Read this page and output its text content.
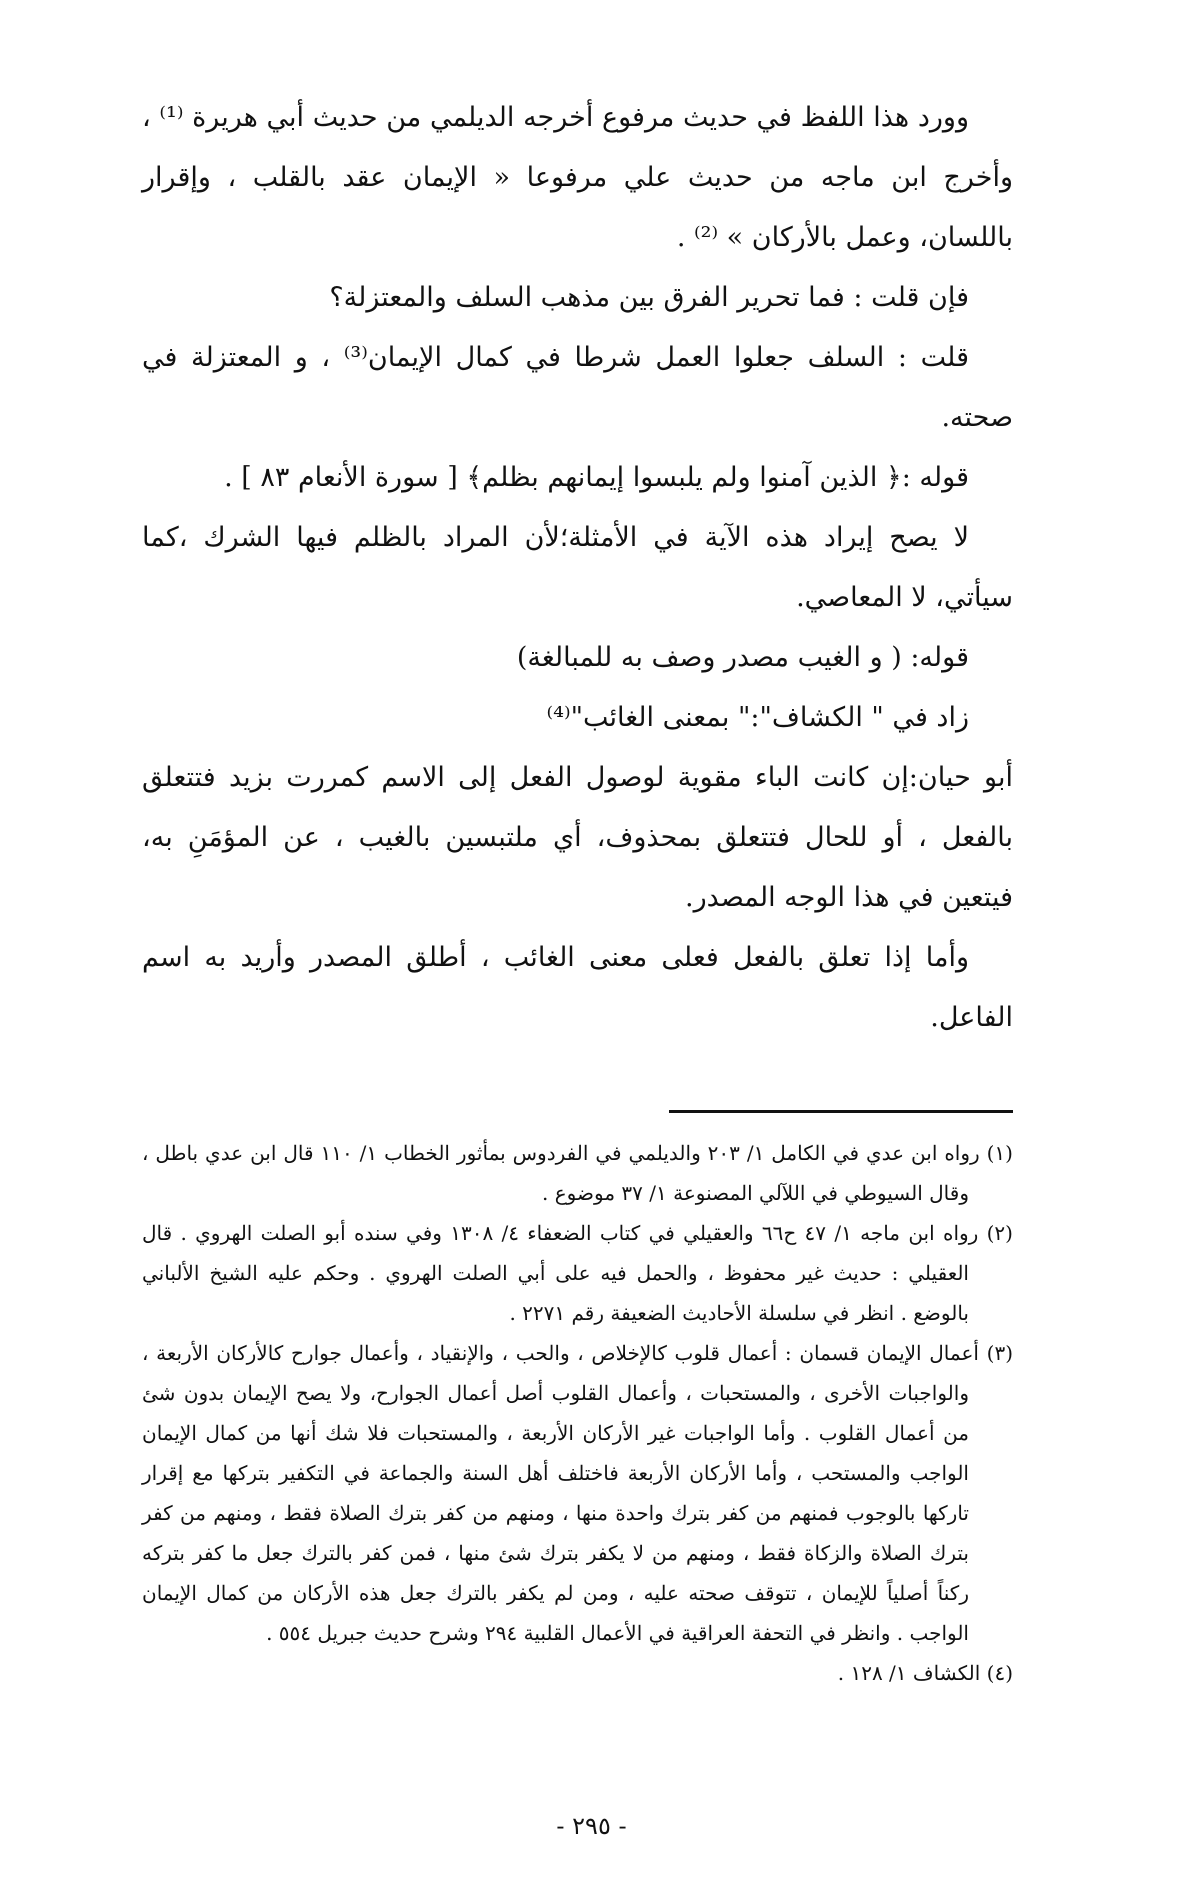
وورد هذا اللفظ في حديث مرفوع أخرجه الديلمي من حديث أبي هريرة ⁽¹⁾ ، وأخرج ابن ماجه من حديث علي مرفوعا « الإيمان عقد بالقلب ، وإقرار باللسان، وعمل بالأركان » ⁽²⁾ .

فإن قلت : فما تحرير الفرق بين مذهب السلف والمعتزلة؟

قلت : السلف جعلوا العمل شرطا في كمال الإيمان⁽³⁾ ، و المعتزلة في صحته.

قوله :﴿ الذين آمنوا ولم يلبسوا إيمانهم بظلم﴾ [ سورة الأنعام ٨٣ ] .

لا يصح إيراد هذه الآية في الأمثلة؛لأن المراد بالظلم فيها الشرك ،كما سيأتي، لا المعاصي.

قوله: ( و الغيب مصدر وصف به للمبالغة)

زاد في " الكشاف":" بمعنى الغائب"⁽⁴⁾

أبو حيان:إن كانت الباء مقوية لوصول الفعل إلى الاسم كمررت بزيد فتتعلق بالفعل ، أو للحال فتتعلق بمحذوف، أي ملتبسين بالغيب ، عن المؤمَنِ به، فيتعين في هذا الوجه المصدر.

وأما إذا تعلق بالفعل فعلى معنى الغائب ، أطلق المصدر وأريد به اسم الفاعل.

(١) رواه ابن عدي في الكامل ١/ ٢٠٣ والديلمي في الفردوس بمأثور الخطاب ١/ ١١٠ قال ابن عدي باطل ، وقال السيوطي في اللآلي المصنوعة ١/ ٣٧ موضوع .

(٢) رواه ابن ماجه ١/ ٤٧ ح٦٦ والعقيلي في كتاب الضعفاء ٤/ ١٣٠٨ وفي سنده أبو الصلت الهروي . قال العقيلي : حديث غير محفوظ ، والحمل فيه على أبي الصلت الهروي . وحكم عليه الشيخ الألباني بالوضع . انظر في سلسلة الأحاديث الضعيفة رقم ٢٢٧١ .

(٣) أعمال الإيمان قسمان : أعمال قلوب كالإخلاص ، والحب ، والإنقياد ، وأعمال جوارح كالأركان الأربعة ، والواجبات الأخرى ، والمستحبات ، وأعمال القلوب أصل أعمال الجوارح، ولا يصح الإيمان بدون شئ من أعمال القلوب . وأما الواجبات غير الأركان الأربعة ، والمستحبات فلا شك أنها من كمال الإيمان الواجب والمستحب ، وأما الأركان الأربعة فاختلف أهل السنة والجماعة في التكفير بتركها مع إقرار تاركها بالوجوب فمنهم من كفر بترك واحدة منها ، ومنهم من كفر بترك الصلاة فقط ، ومنهم من كفر بترك الصلاة والزكاة فقط ، ومنهم من لا يكفر بترك شئ منها ، فمن كفر بالترك جعل ما كفر بتركه ركناً أصلياً للإيمان ، تتوقف صحته عليه ، ومن لم يكفر بالترك جعل هذه الأركان من كمال الإيمان الواجب . وانظر في التحفة العراقية في الأعمال القلبية ٢٩٤ وشرح حديث جبريل ٥٥٤ .

(٤) الكشاف ١/ ١٢٨ .

- ٢٩٥ -
